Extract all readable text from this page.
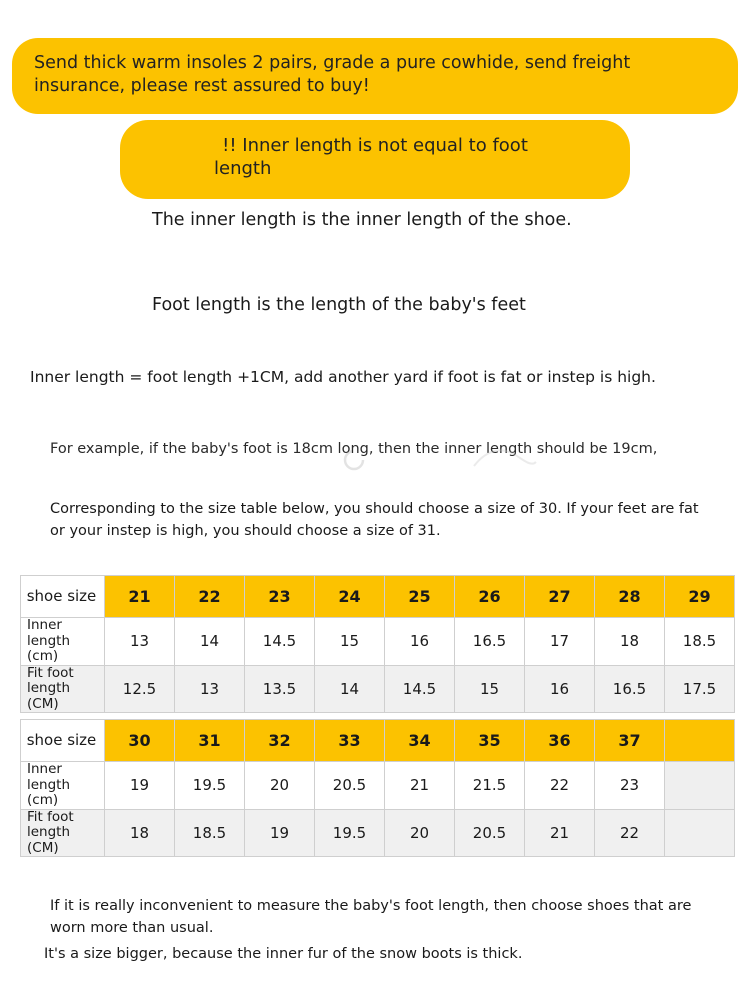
Send thick warm insoles 2 pairs, grade a pure cowhide, send freight insurance, please rest assured to buy!
!! Inner length is not equal to foot
length
The inner length is the inner length of the shoe.
Foot length is the length of the baby's feet
Inner length = foot length +1CM, add another yard if foot is fat or instep is high.
For example, if the baby's foot is 18cm long, then the inner length should be 19cm,
Corresponding to the size table below, you should choose a size of 30. If your feet are fat or your instep is high, you should choose a size of 31.
shoe size	21	22	23	24	25	26	27	28	29
Inner length (cm)	13	14	14.5	15	16	16.5	17	18	18.5
Fit foot length (CM)	12.5	13	13.5	14	14.5	15	16	16.5	17.5
shoe size	30	31	32	33	34	35	36	37	
Inner length (cm)	19	19.5	20	20.5	21	21.5	22	23	
Fit foot length (CM)	18	18.5	19	19.5	20	20.5	21	22	
If it is really inconvenient to measure the baby's foot length, then choose shoes that are worn more than usual.
It's a size bigger, because the inner fur of the snow boots is thick.
